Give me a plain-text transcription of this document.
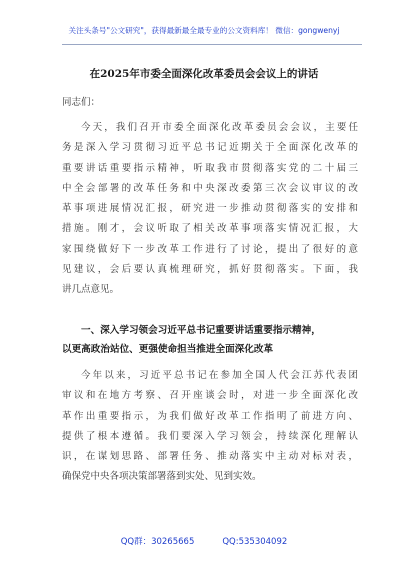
关注头条号"公文研究"，获得最新最全最专业的公文资料库！ 微信：gongwenyj
在2025年市委全面深化改革委员会会议上的讲话
同志们：
今天，我们召开市委全面深化改革委员会会议，主要任
务是深入学习贯彻习近平总书记近期关于全面深化改革的
重要讲话重要指示精神，听取我市贯彻落实党的二十届三
中全会部署的改革任务和中央深改委第三次会议审议的改
革事项进展情况汇报，研究进一步推动贯彻落实的安排和
措施。刚才，会议听取了相关改革事项落实情况汇报，大
家围绕做好下一步改革工作进行了讨论，提出了很好的意
见建议，会后要认真梳理研究，抓好贯彻落实。下面，我
讲几点意见。
一、深入学习领会习近平总书记重要讲话重要指示精神，
以更高政治站位、更强使命担当推进全面深化改革
今年以来，习近平总书记在参加全国人代会江苏代表团
审议和在地方考察、召开座谈会时，对进一步全面深化改
革作出重要指示，为我们做好改革工作指明了前进方向、
提供了根本遵循。我们要深入学习领会，持续深化理解认
识，在谋划思路、部署任务、推动落实中主动对标对表，
确保党中央各项决策部署落到实处、见到实效。
QQ群：30265665	QQ:535304092
